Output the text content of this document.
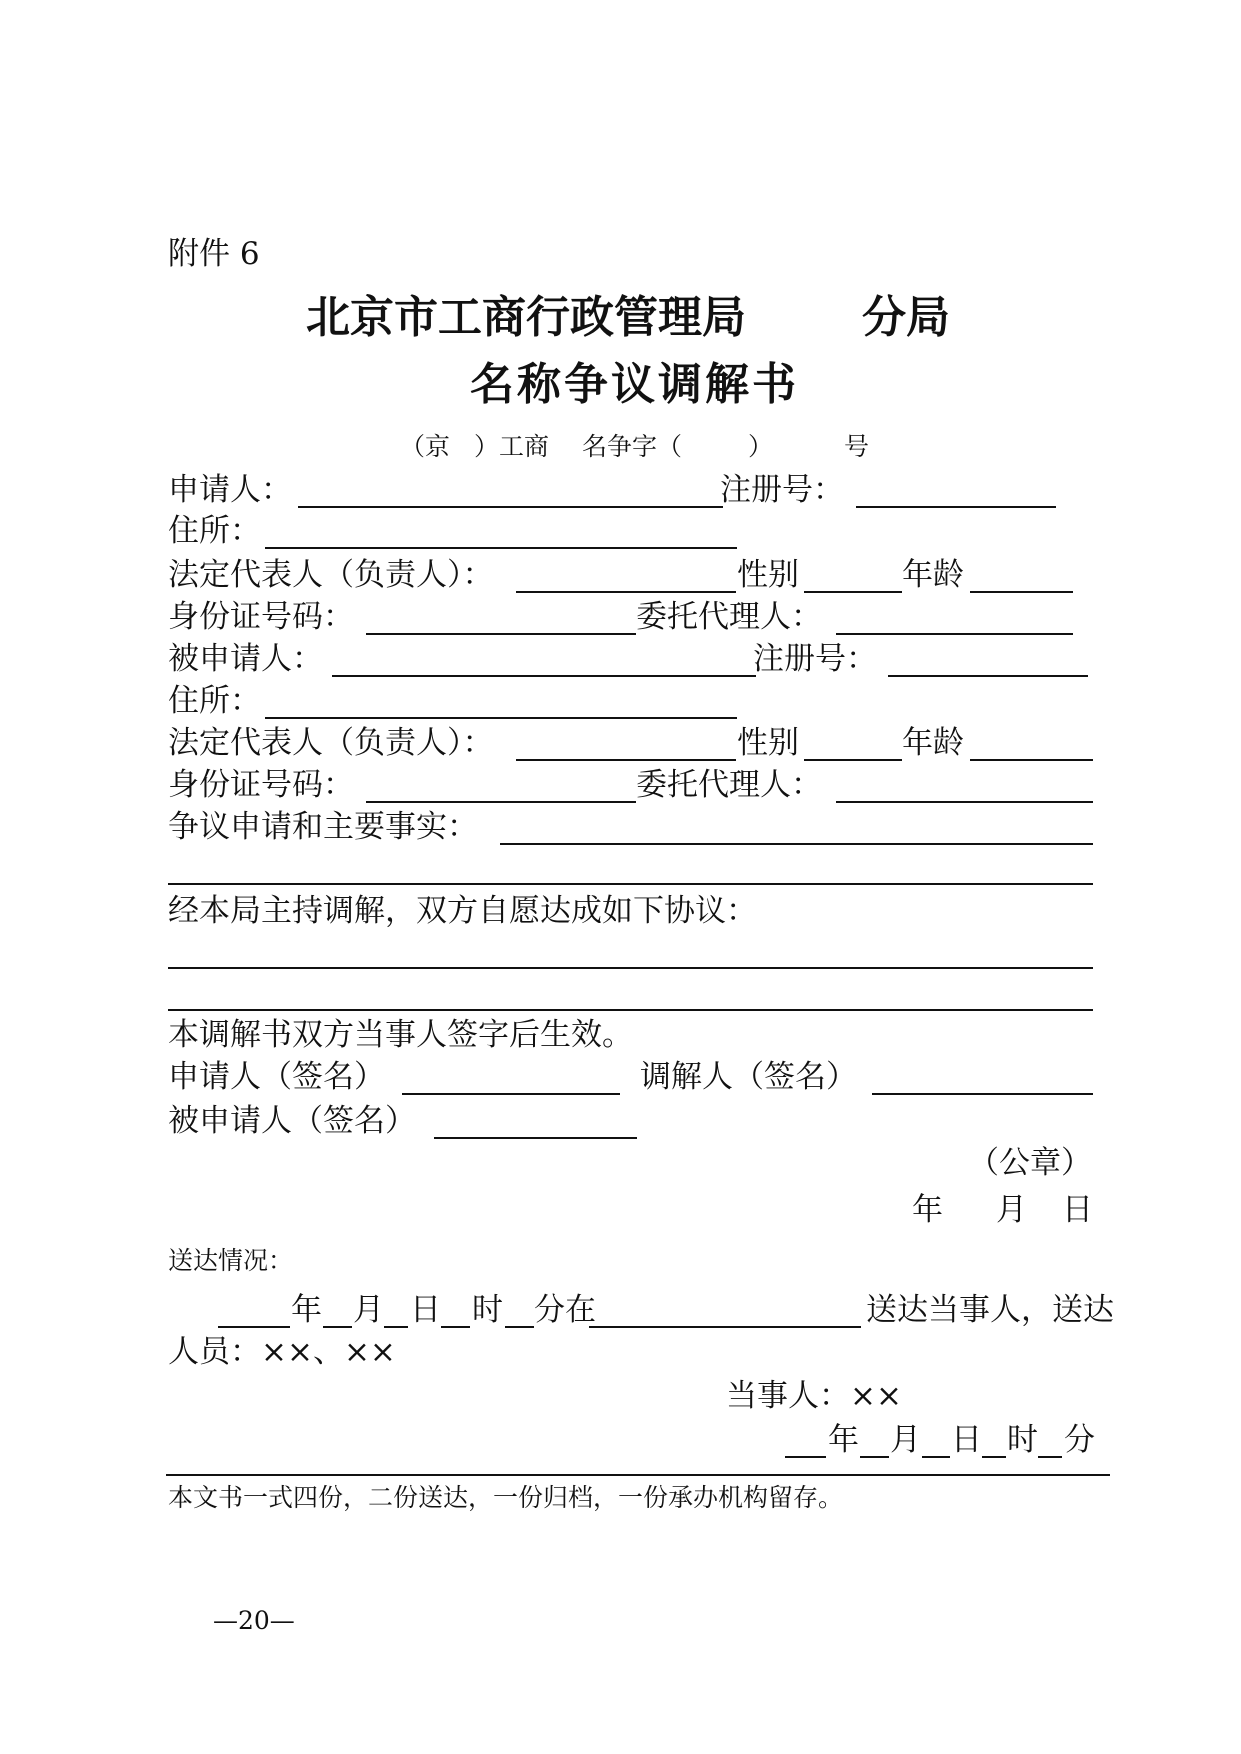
附件 6
北京市工商行政管理局	分局
名称争议调解书
（京 ）工商 名争字（	）	号
申请人：	注册号：
住所：
法定代表人（负责人）：	性别	年龄
身份证号码：	委托代理人：
被申请人：	注册号：
住所：
法定代表人（负责人）：	性别	年龄
身份证号码：	委托代理人：
争议申请和主要事实：
经本局主持调解，双方自愿达成如下协议：
本调解书双方当事人签字后生效。
申请人（签名）	调解人（签名）
被申请人（签名）
（公章）
年 月 日
送达情况：
年 月 日 时 分在	送达当事人，送达
人员：××、××
当事人：××
年 月 日 时 分
本文书一式四份，二份送达，一份归档，一份承办机构留存。
—20—
